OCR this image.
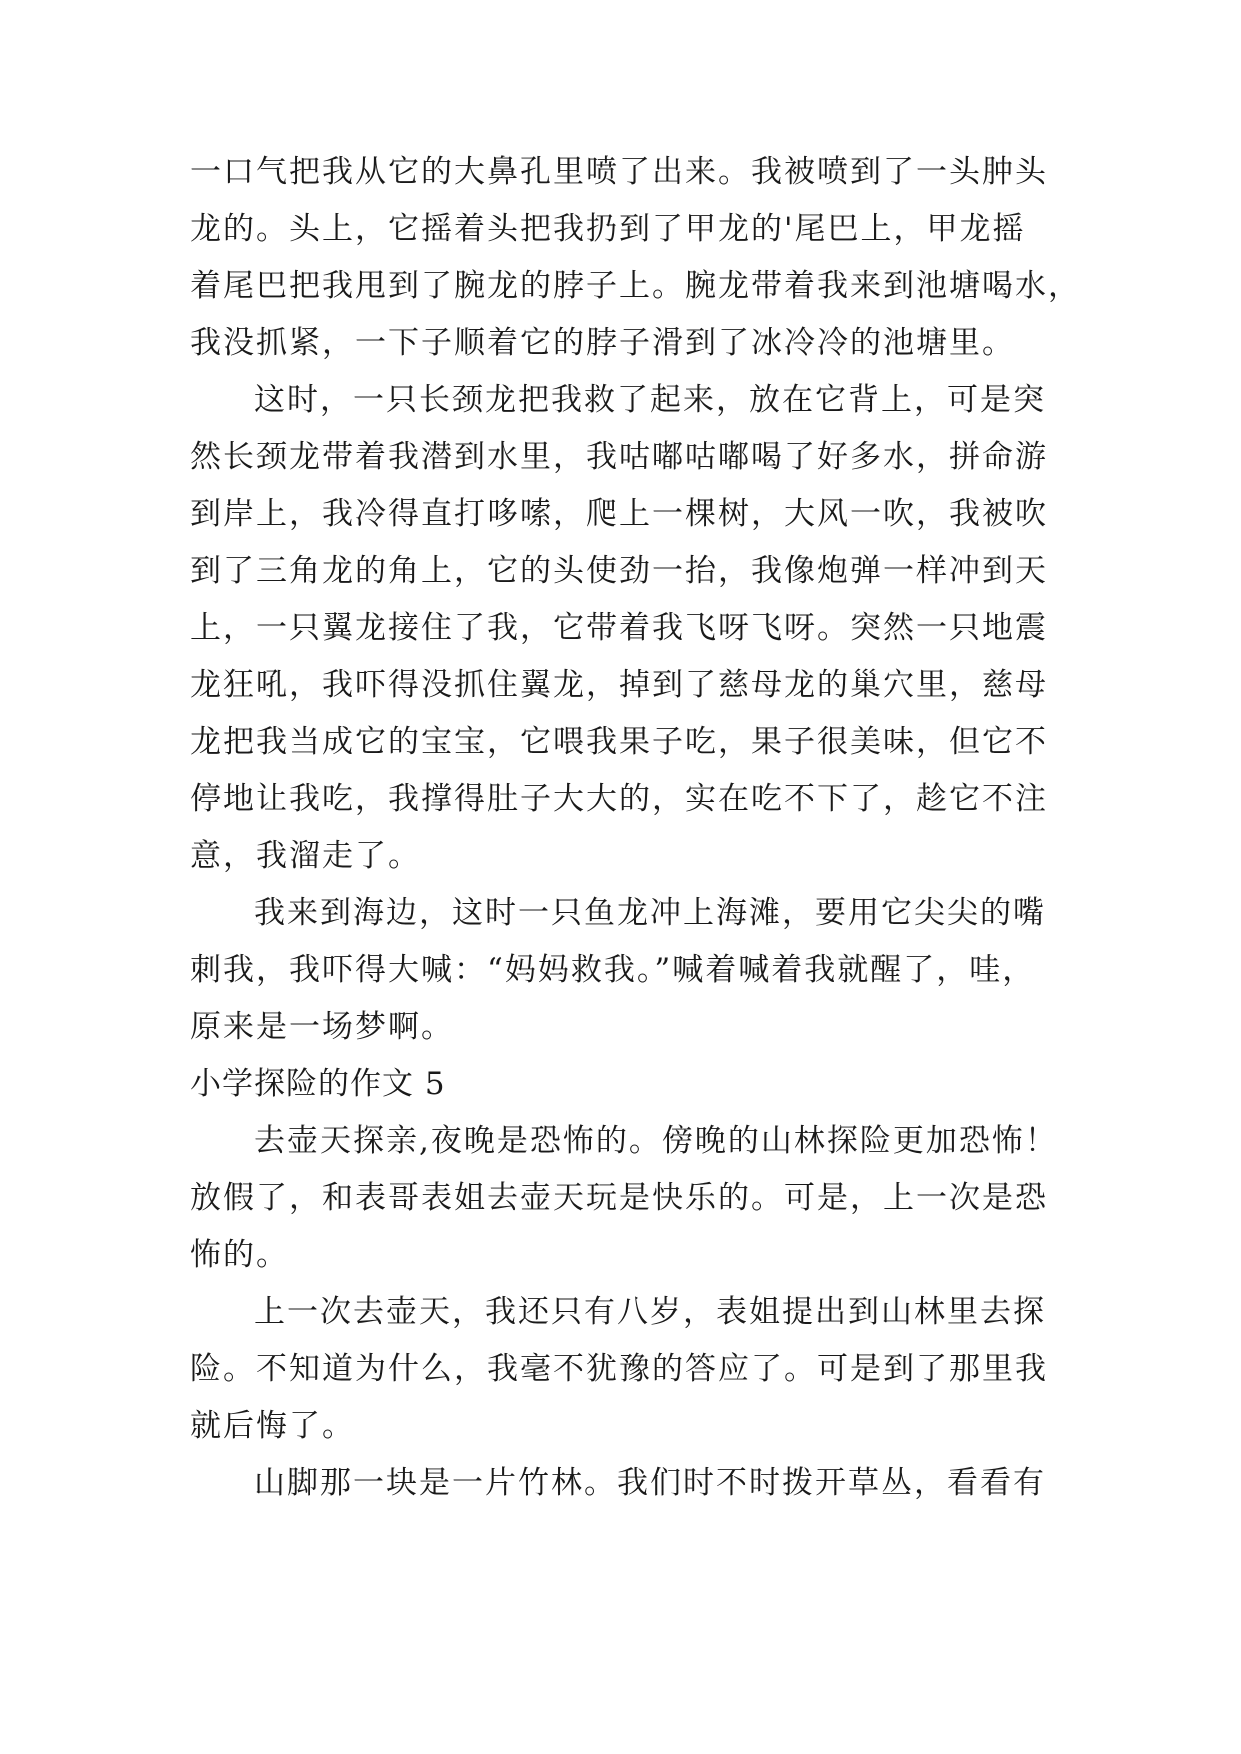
一口气把我从它的大鼻孔里喷了出来。我被喷到了一头肿头
龙的。头上，它摇着头把我扔到了甲龙的'尾巴上，甲龙摇
着尾巴把我甩到了腕龙的脖子上。腕龙带着我来到池塘喝水，
我没抓紧，一下子顺着它的脖子滑到了冰冷冷的池塘里。
这时，一只长颈龙把我救了起来，放在它背上，可是突
然长颈龙带着我潜到水里，我咕嘟咕嘟喝了好多水，拼命游
到岸上，我冷得直打哆嗦，爬上一棵树，大风一吹，我被吹
到了三角龙的角上，它的头使劲一抬，我像炮弹一样冲到天
上，一只翼龙接住了我，它带着我飞呀飞呀。突然一只地震
龙狂吼，我吓得没抓住翼龙，掉到了慈母龙的巢穴里，慈母
龙把我当成它的宝宝，它喂我果子吃，果子很美味，但它不
停地让我吃，我撑得肚子大大的，实在吃不下了，趁它不注
意，我溜走了。
我来到海边，这时一只鱼龙冲上海滩，要用它尖尖的嘴
刺我，我吓得大喊：“妈妈救我。”喊着喊着我就醒了，哇，
原来是一场梦啊。
小学探险的作文 5
去壶天探亲,夜晚是恐怖的。傍晚的山林探险更加恐怖！
放假了，和表哥表姐去壶天玩是快乐的。可是，上一次是恐
怖的。
上一次去壶天，我还只有八岁，表姐提出到山林里去探
险。不知道为什么，我毫不犹豫的答应了。可是到了那里我
就后悔了。
山脚那一块是一片竹林。我们时不时拨开草丛，看看有
